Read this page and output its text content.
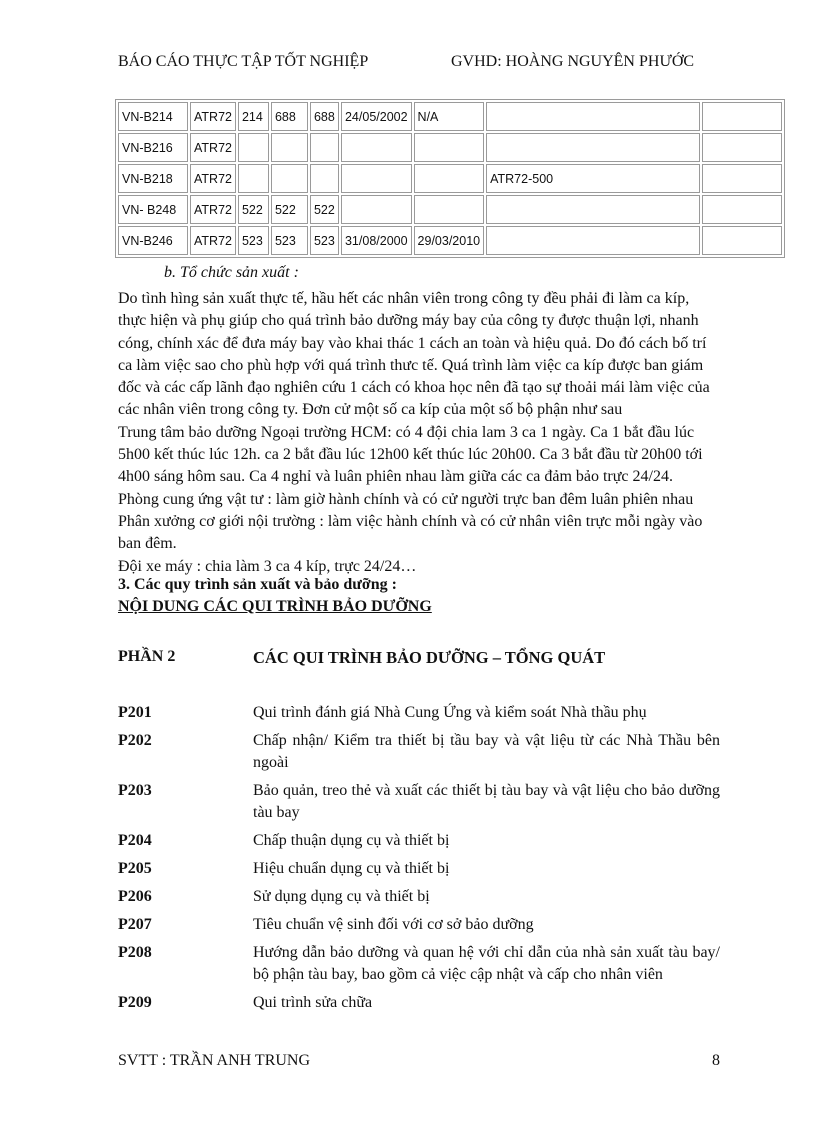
BÁO CÁO THỰC TẬP TỐT NGHIỆP	GVHD: HOÀNG NGUYÊN PHƯỚC
VN-B214	ATR72	214	688	688	24/05/2002	N/A		
VN-B216	ATR72							
VN-B218	ATR72						ATR72-500	
VN- B248	ATR72	522	522	522				
VN-B246	ATR72	523	523	523	31/08/2000	29/03/2010		
b. Tổ chức sản xuất :

Do tình hìng sản xuất thực tế, hầu hết các nhân viên trong công ty đều phải đi làm ca kíp, thực hiện và phụ giúp cho quá trình bảo dưỡng máy bay của công ty được thuận lợi, nhanh cóng, chính xác để đưa máy bay vào khai thác 1 cách an toàn và hiệu quả. Do đó cách bố trí ca làm việc sao cho phù hợp với quá trình thưc tế. Quá trình làm việc ca kíp được ban giám đốc và các cấp lãnh đạo nghiên cứu 1 cách có khoa học nên đã tạo sự thoải mái làm việc của các nhân viên trong công ty. Đơn cử một số ca kíp của một số bộ phận như sau

Trung tâm bảo dưỡng Ngoại trường HCM: có 4 đội chia lam 3 ca 1 ngày. Ca 1 bắt đầu lúc 5h00 kết thúc lúc 12h. ca 2 bắt đầu lúc 12h00 kết thúc lúc 20h00. Ca 3 bắt đầu từ 20h00 tới 4h00 sáng hôm sau. Ca 4 nghỉ và luân phiên nhau làm giữa các ca đảm bảo trực 24/24.

Phòng cung ứng vật tư : làm giờ hành chính và có cử người trực ban đêm luân phiên nhau

Phân xưởng cơ giới nội trường : làm việc hành chính và có cử nhân viên trực mỗi ngày vào ban đêm.

Đội xe máy : chia làm 3 ca 4 kíp, trực 24/24…

3. Các quy trình sản xuất và bảo dưỡng :
NỘI DUNG CÁC QUI TRÌNH BẢO DƯỠNG
PHẦN 2	CÁC QUI TRÌNH BẢO DƯỠNG – TỔNG QUÁT
P201	Qui trình đánh giá Nhà Cung Ứng và kiểm soát Nhà thầu phụ
P202	Chấp nhận/ Kiểm tra thiết bị tầu bay và vật liệu từ các Nhà Thầu bên ngoài
P203	Bảo quản, treo thẻ và xuất các thiết bị tàu bay và vật liệu cho bảo dưỡng tàu bay
P204	Chấp thuận dụng cụ và thiết bị
P205	Hiệu chuẩn dụng cụ và thiết bị
P206	Sử dụng dụng cụ và thiết bị
P207	Tiêu chuẩn vệ sinh đối với cơ sở bảo dưỡng
P208	Hướng dẫn bảo dưỡng và quan hệ với chỉ dẫn của nhà sản xuất tàu bay/ bộ phận tàu bay, bao gồm cả việc cập nhật và cấp cho nhân viên
P209	Qui trình sửa chữa
SVTT : TRẦN ANH TRUNG	8
